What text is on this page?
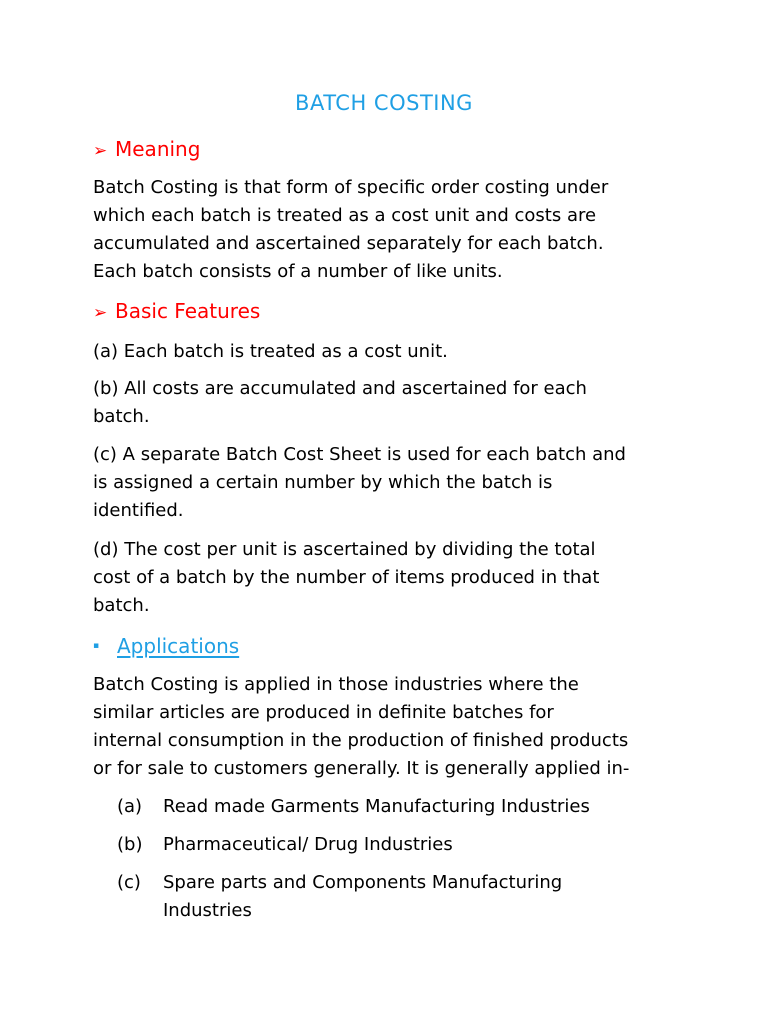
BATCH COSTING
➢ Meaning
Batch Costing is that form of specific order costing under
which each batch is treated as a cost unit and costs are
accumulated and ascertained separately for each batch.
Each batch consists of a number of like units.
➢ Basic Features
(a) Each batch is treated as a cost unit.
(b) All costs are accumulated and ascertained for each
batch.
(c) A separate Batch Cost Sheet is used for each batch and
is assigned a certain number by which the batch is
identified.
(d) The cost per unit is ascertained by dividing the total
cost of a batch by the number of items produced in that
batch.
▪ Applications
Batch Costing is applied in those industries where the
similar articles are produced in definite batches for
internal consumption in the production of finished products
or for sale to customers generally. It is generally applied in-
(a) Read made Garments Manufacturing Industries
(b) Pharmaceutical/ Drug Industries
(c) Spare parts and Components Manufacturing
Industries
